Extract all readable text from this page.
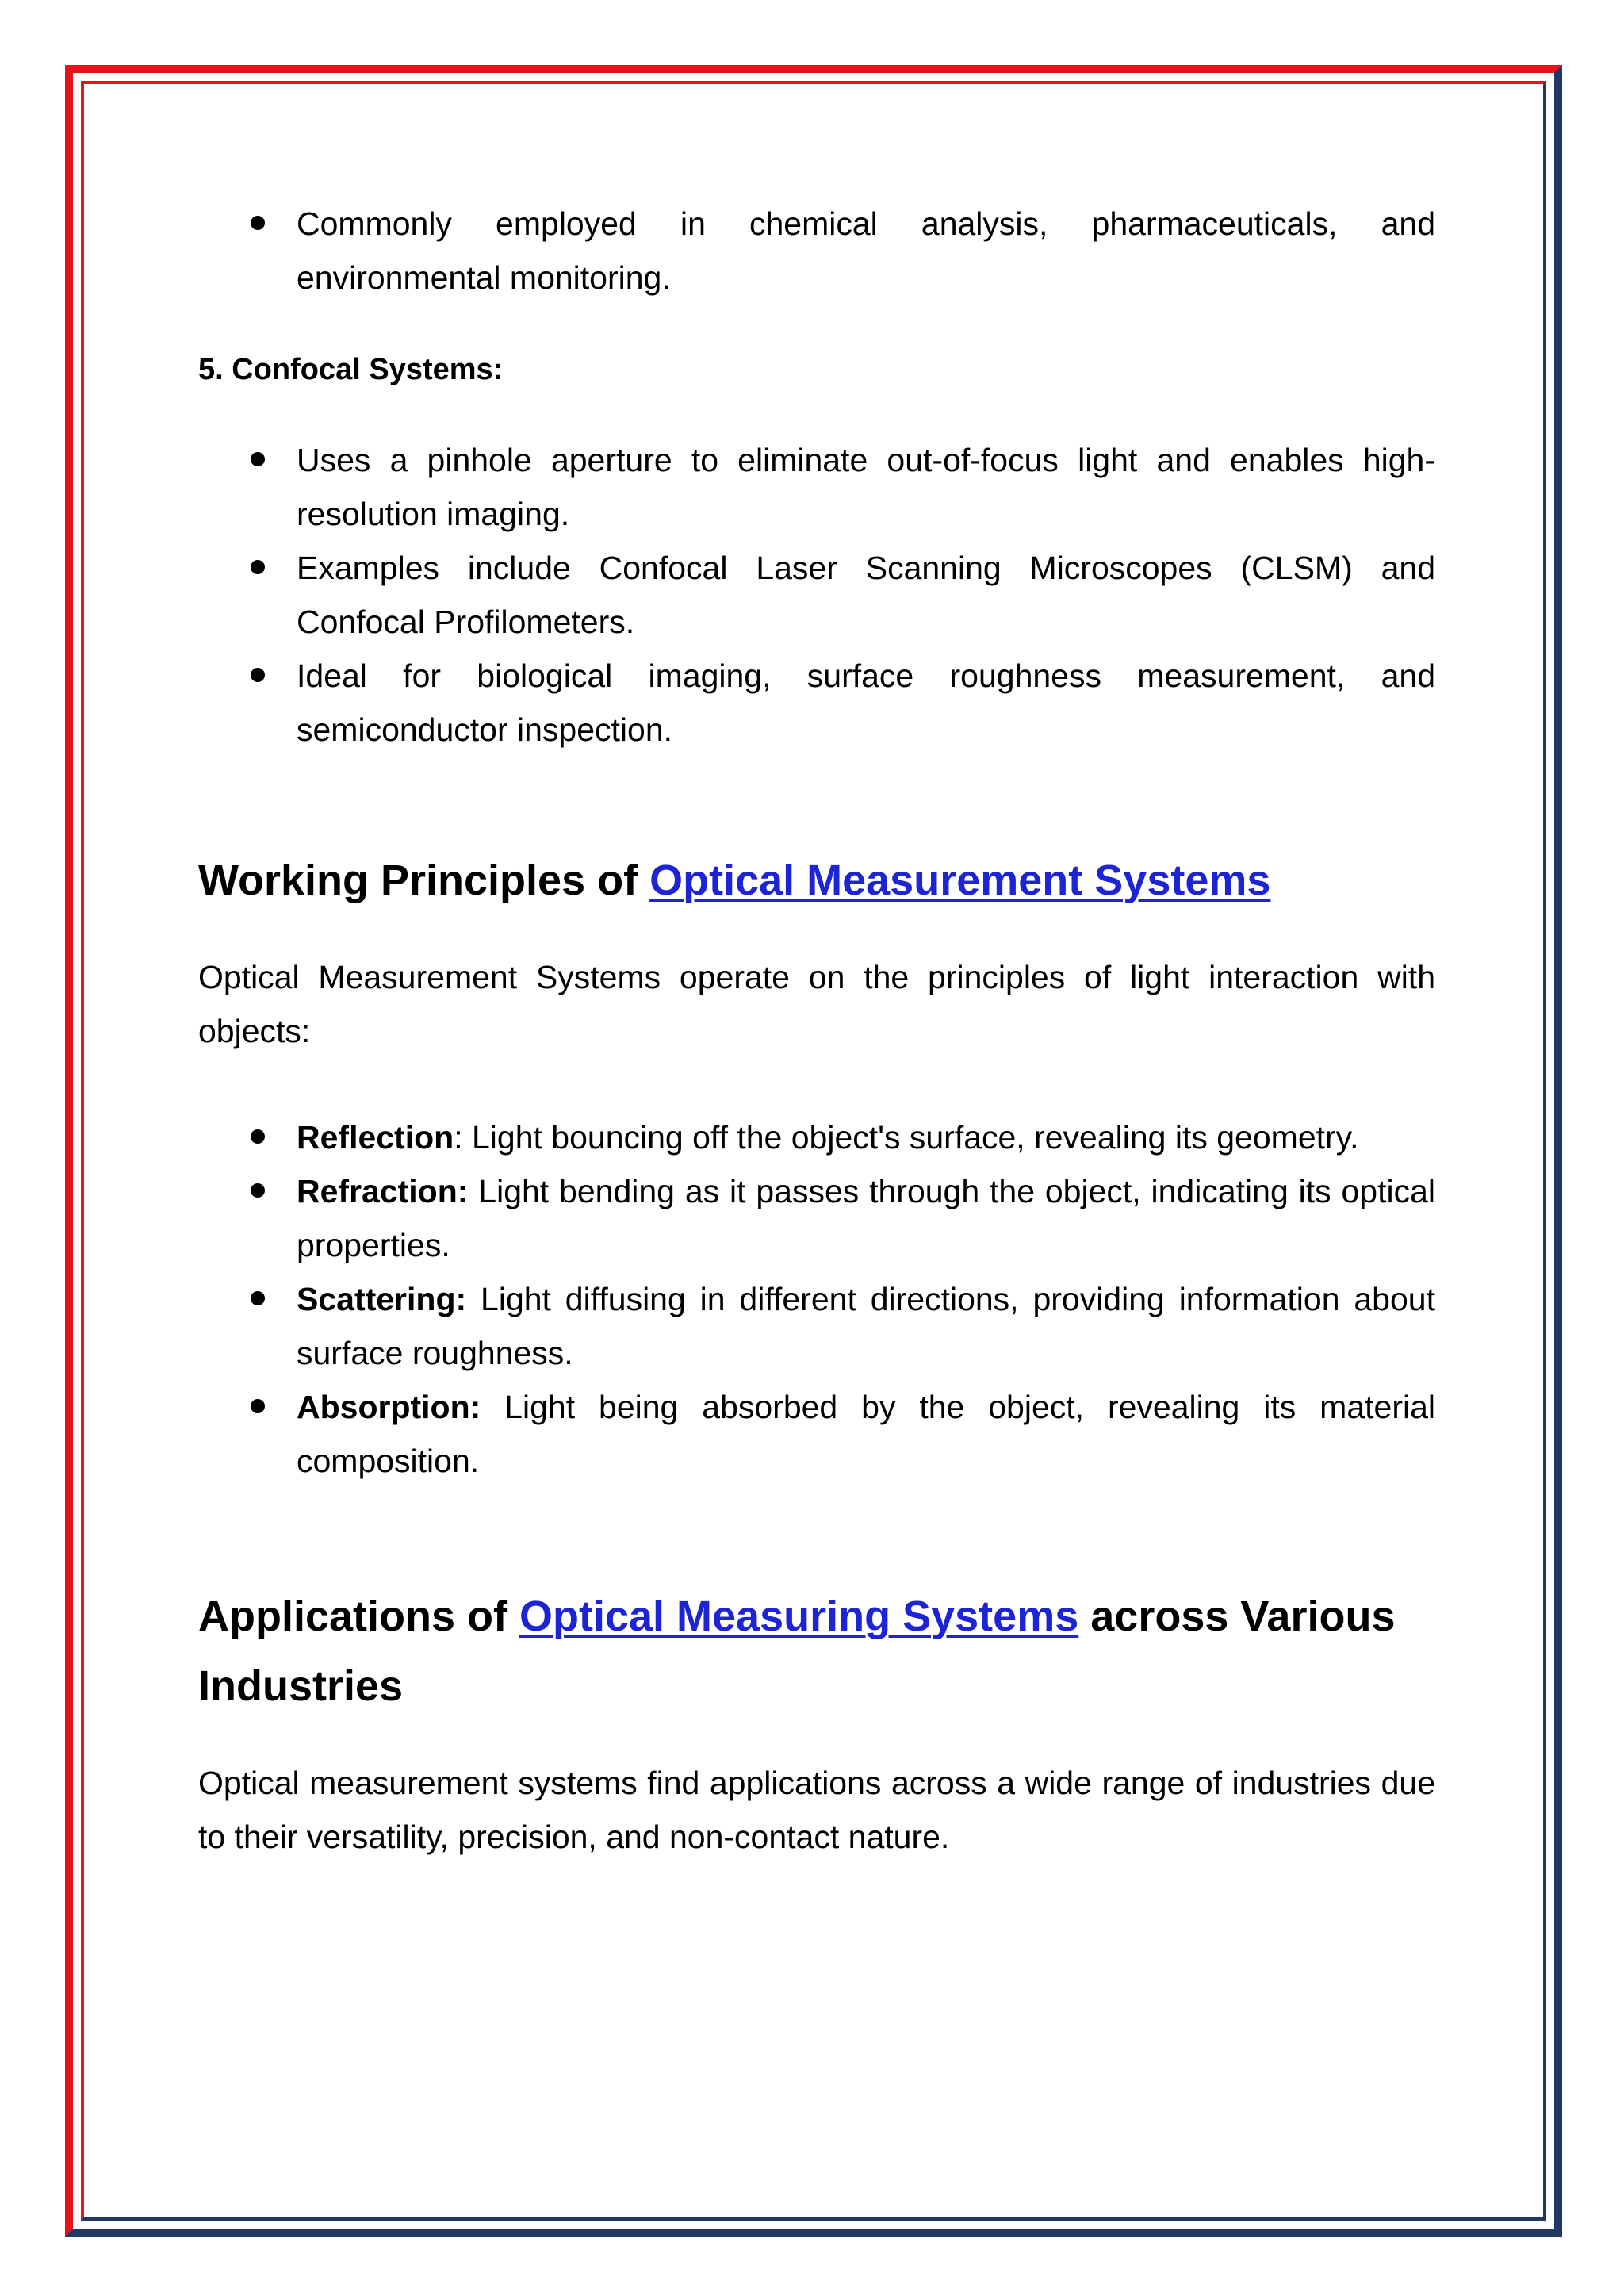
Commonly employed in chemical analysis, pharmaceuticals, and environmental monitoring.

5. Confocal Systems:

Uses a pinhole aperture to eliminate out-of-focus light and enables high-resolution imaging.
Examples include Confocal Laser Scanning Microscopes (CLSM) and Confocal Profilometers.
Ideal for biological imaging, surface roughness measurement, and semiconductor inspection.
Working Principles of Optical Measurement Systems

Optical Measurement Systems operate on the principles of light interaction with objects:

Reflection: Light bouncing off the object's surface, revealing its geometry.
Refraction: Light bending as it passes through the object, indicating its optical properties.
Scattering: Light diffusing in different directions, providing information about surface roughness.
Absorption: Light being absorbed by the object, revealing its material composition.
Applications of Optical Measuring Systems across Various Industries

Optical measurement systems find applications across a wide range of industries due to their versatility, precision, and non-contact nature.
